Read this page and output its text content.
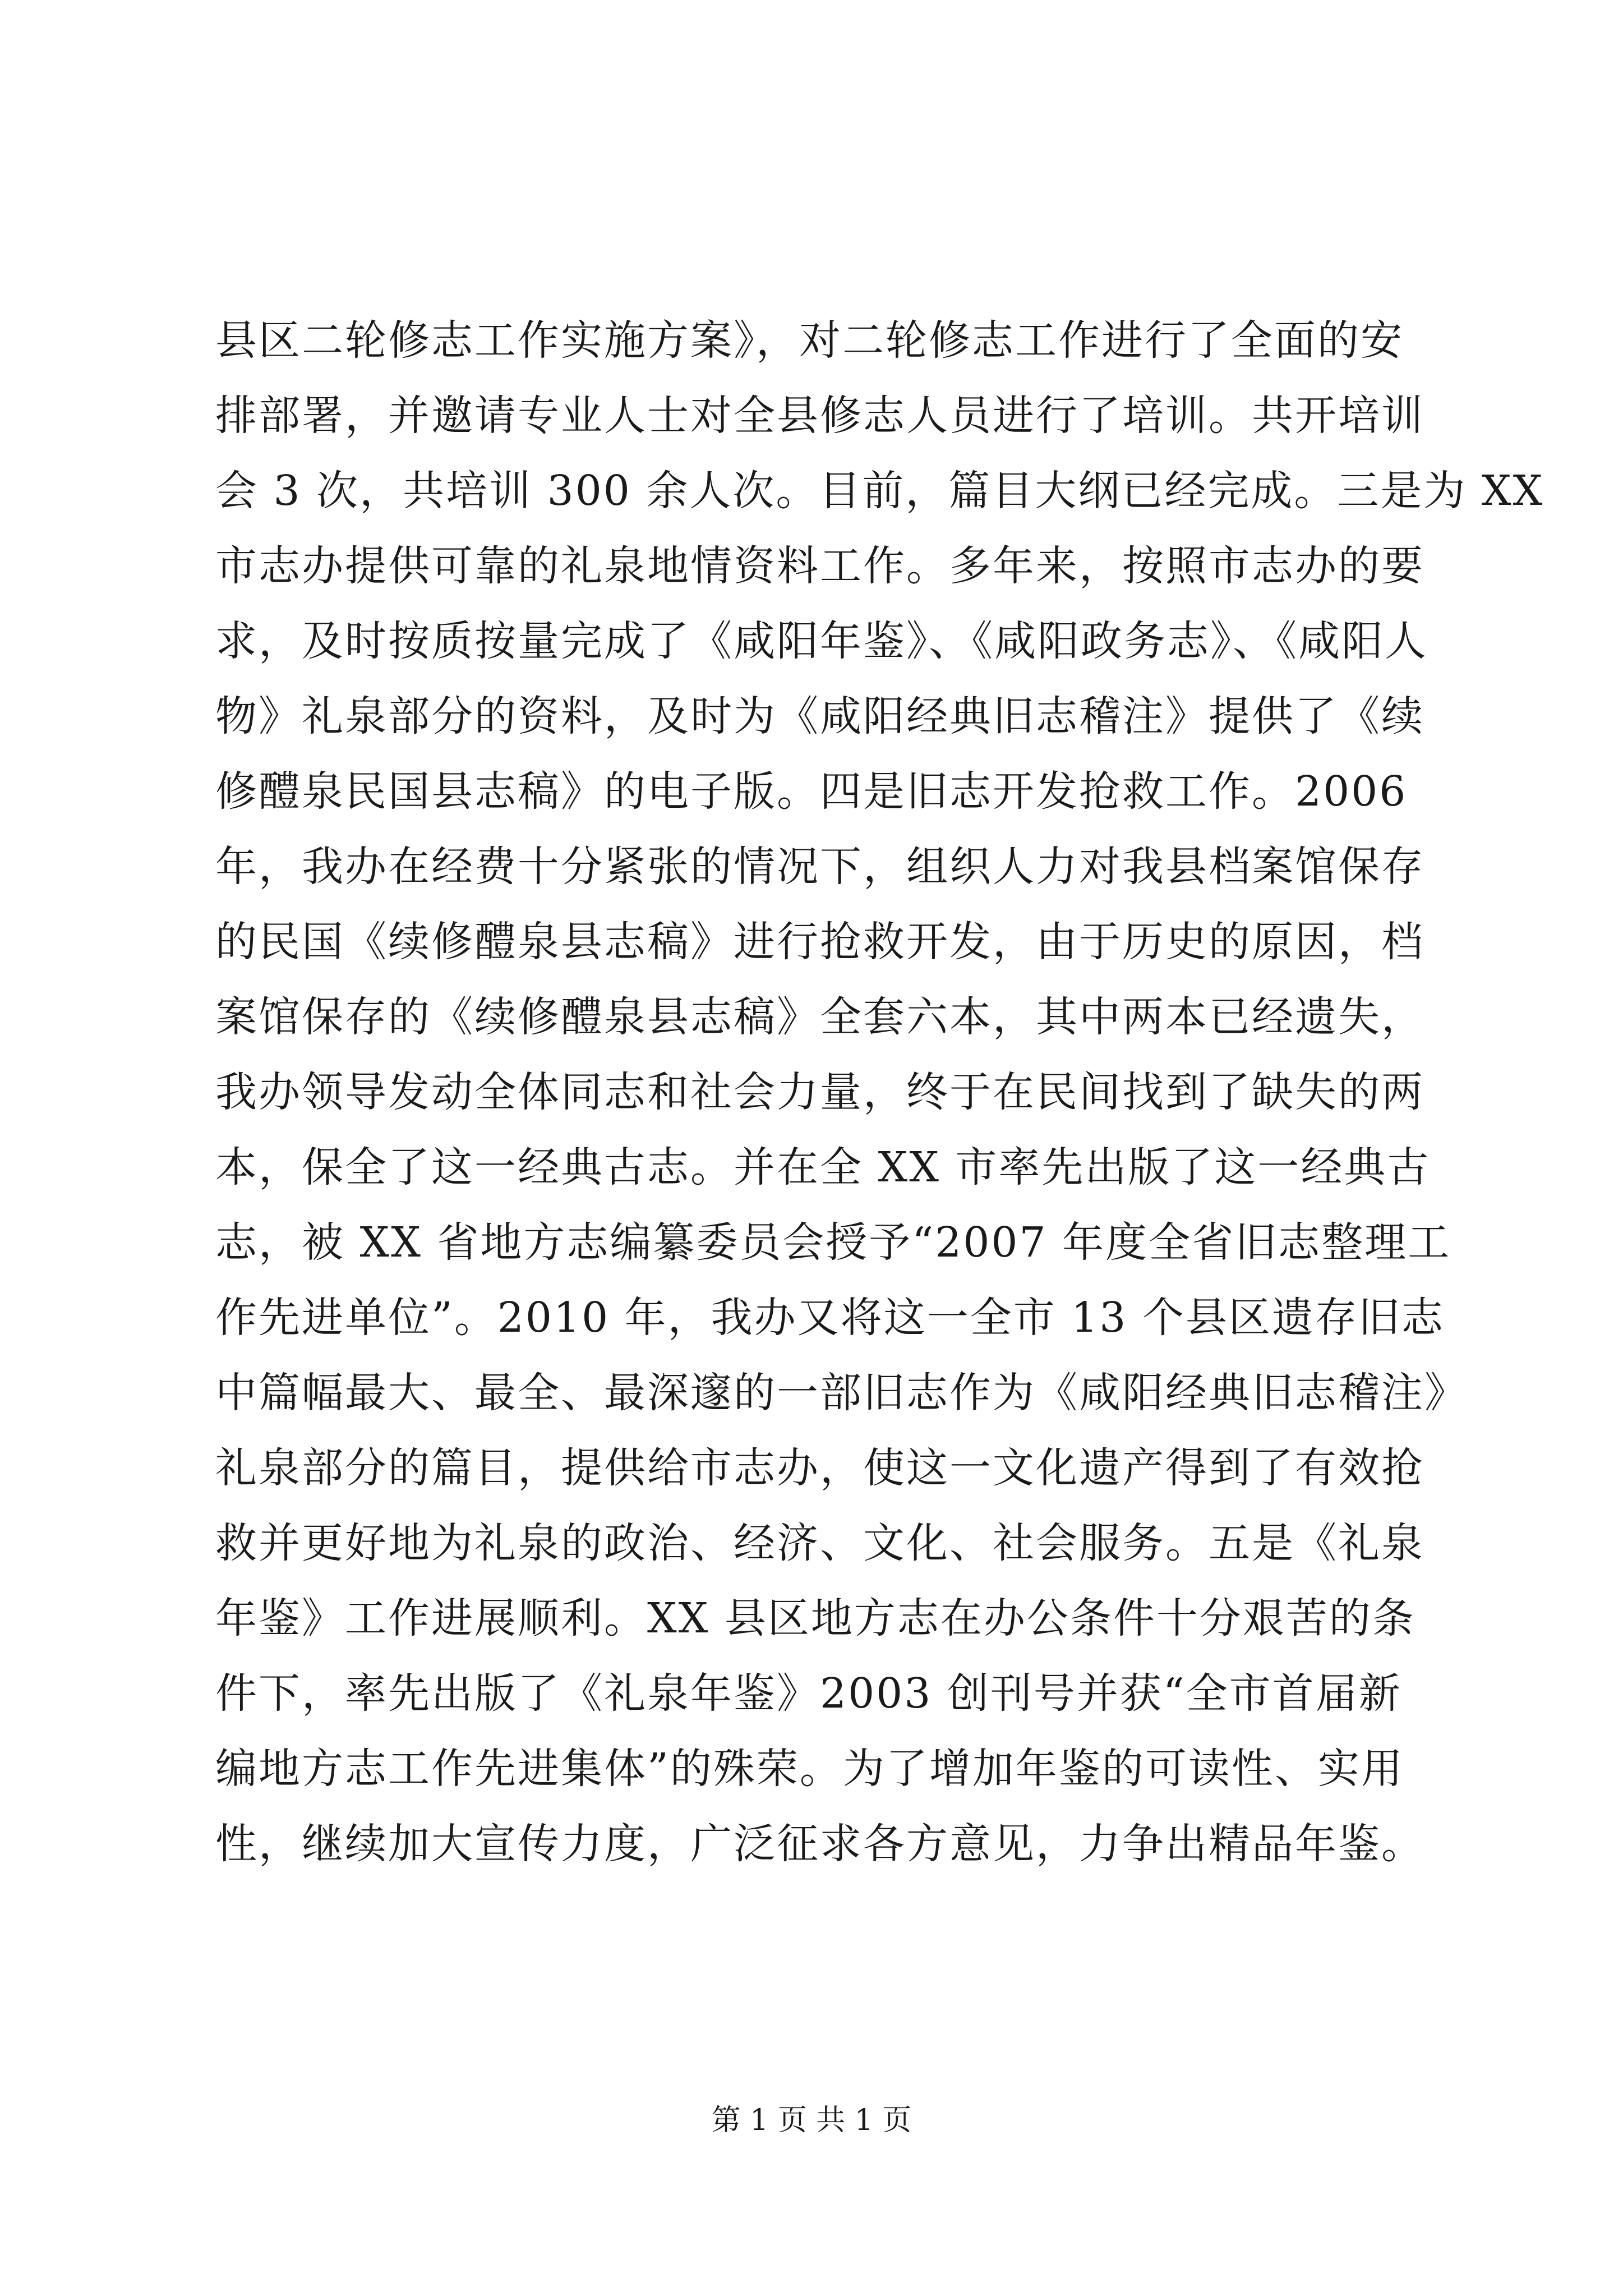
县区二轮修志工作实施方案》，对二轮修志工作进行了全面的安
排部署，并邀请专业人士对全县修志人员进行了培训。共开培训
会 3 次，共培训 300 余人次。目前，篇目大纲已经完成。三是为 XX
市志办提供可靠的礼泉地情资料工作。多年来，按照市志办的要
求，及时按质按量完成了《咸阳年鉴》、《咸阳政务志》、《咸阳人
物》礼泉部分的资料，及时为《咸阳经典旧志稽注》提供了《续
修醴泉民国县志稿》的电子版。四是旧志开发抢救工作。2006
年，我办在经费十分紧张的情况下，组织人力对我县档案馆保存
的民国《续修醴泉县志稿》进行抢救开发，由于历史的原因，档
案馆保存的《续修醴泉县志稿》全套六本，其中两本已经遗失，
我办领导发动全体同志和社会力量，终于在民间找到了缺失的两
本，保全了这一经典古志。并在全 XX 市率先出版了这一经典古
志，被 XX 省地方志编纂委员会授予“2007 年度全省旧志整理工
作先进单位”。2010 年，我办又将这一全市 13 个县区遗存旧志
中篇幅最大、最全、最深邃的一部旧志作为《咸阳经典旧志稽注》
礼泉部分的篇目，提供给市志办，使这一文化遗产得到了有效抢
救并更好地为礼泉的政治、经济、文化、社会服务。五是《礼泉
年鉴》工作进展顺利。XX 县区地方志在办公条件十分艰苦的条
件下，率先出版了《礼泉年鉴》2003 创刊号并获“全市首届新
编地方志工作先进集体”的殊荣。为了增加年鉴的可读性、实用
性，继续加大宣传力度，广泛征求各方意见，力争出精品年鉴。
第 1 页 共 1 页
